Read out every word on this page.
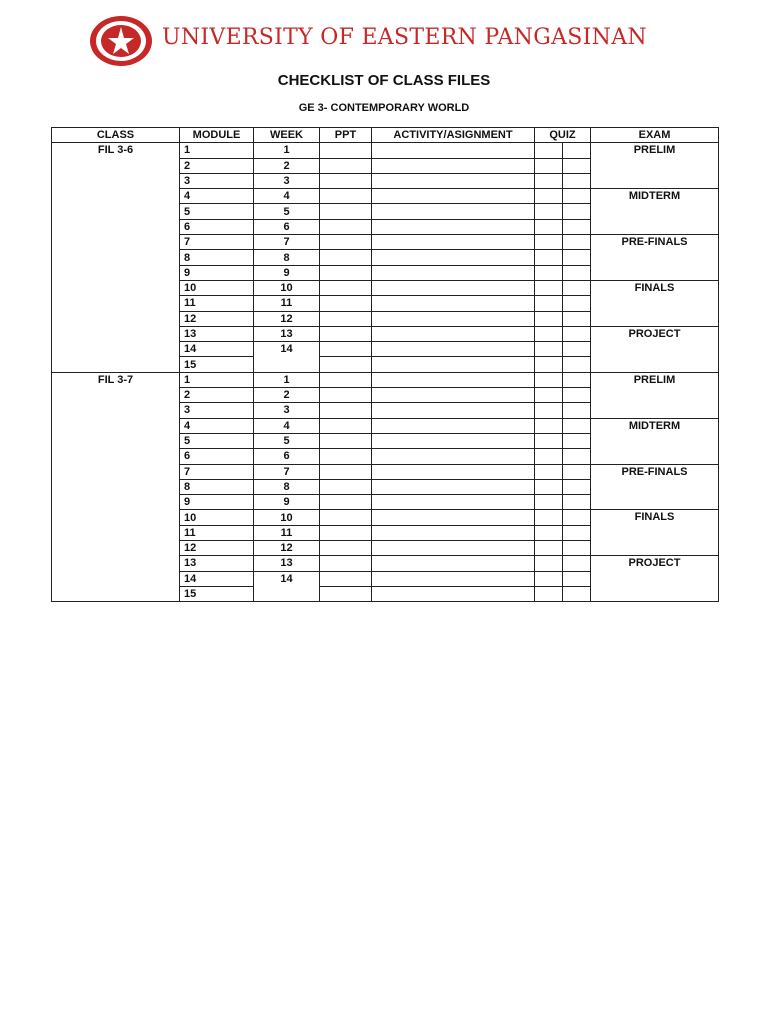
UNIVERSITY OF EASTERN PANGASINAN
CHECKLIST OF CLASS FILES
GE 3- CONTEMPORARY WORLD
CLASS	MODULE	WEEK	PPT	ACTIVITY/ASIGNMENT	QUIZ		EXAM
FIL 3-6	1	1					PRELIM
	2	2					
	3	3					
	4	4					MIDTERM
	5	5					
	6	6					
	7	7					PRE-FINALS
	8	8					
	9	9					
	10	10					FINALS
	11	11					
	12	12					
	13	13					PROJECT
	14	14					
	15						
FIL 3-7	1	1					PRELIM
	2	2					
	3	3					
	4	4					MIDTERM
	5	5					
	6	6					
	7	7					PRE-FINALS
	8	8					
	9	9					
	10	10					FINALS
	11	11					
	12	12					
	13	13					PROJECT
	14	14					
	15						
